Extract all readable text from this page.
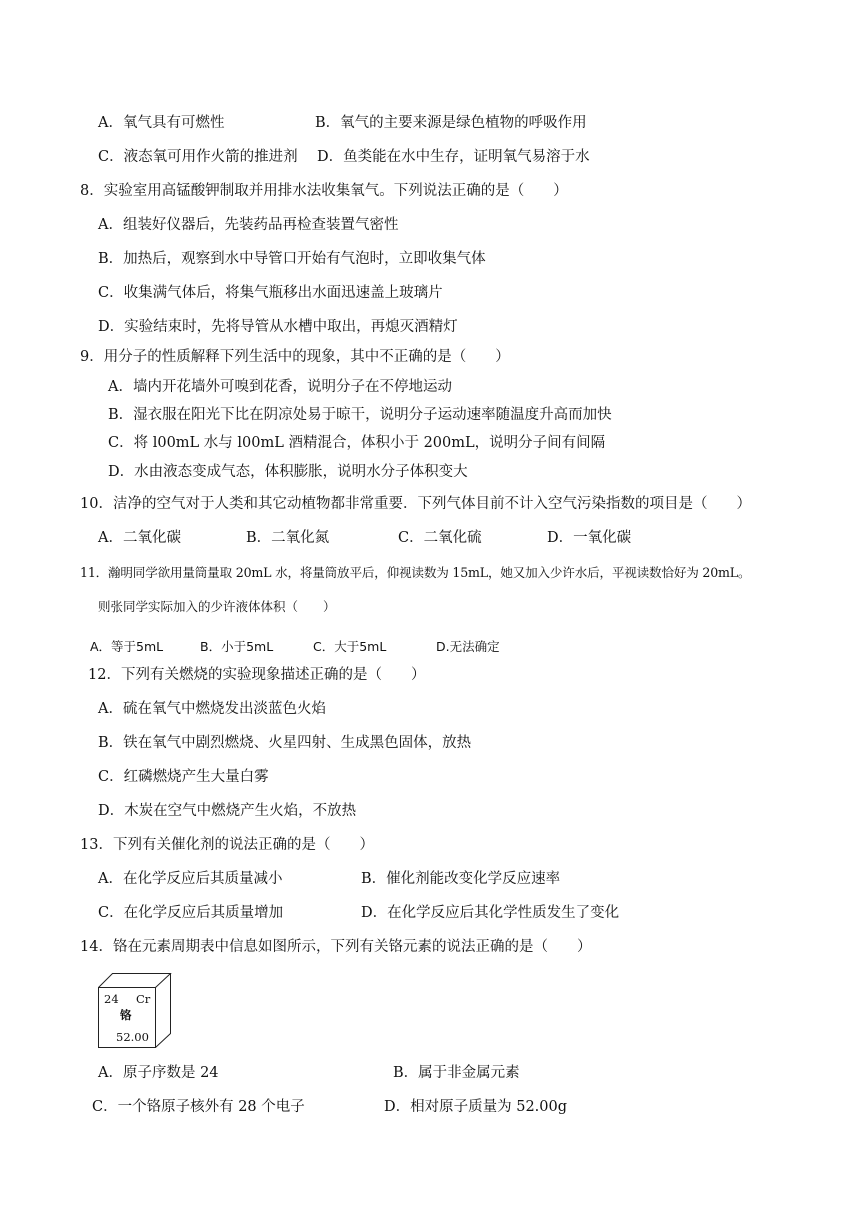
A．氧气具有可燃性	B．氧气的主要来源是绿色植物的呼吸作用
C．液态氧可用作火箭的推进剂 D．鱼类能在水中生存，证明氧气易溶于水
8．实验室用高锰酸钾制取并用排水法收集氧气。下列说法正确的是（　　）
A．组装好仪器后，先装药品再检查装置气密性
B．加热后，观察到水中导管口开始有气泡时，立即收集气体
C．收集满气体后，将集气瓶移出水面迅速盖上玻璃片
D．实验结束时，先将导管从水槽中取出，再熄灭酒精灯
9．用分子的性质解释下列生活中的现象，其中不正确的是（　　）
A．墙内开花墙外可嗅到花香，说明分子在不停地运动
B．湿衣服在阳光下比在阴凉处易于晾干，说明分子运动速率随温度升高而加快
C．将 l00mL 水与 l00mL 酒精混合，体积小于 200mL，说明分子间有间隔
D．水由液态变成气态，体积膨胀，说明水分子体积变大
10．洁净的空气对于人类和其它动植物都非常重要．下列气体目前不计入空气污染指数的项目是（　　）
A．二氧化碳	B．二氧化氮	C．二氧化硫	D．一氧化碳
11．瀚明同学欲用量筒量取 20mL 水，将量筒放平后，仰视读数为 15mL，她又加入少许水后，平视读数恰好为 20mL。
则张同学实际加入的少许液体体积（　　）
A．等于5mL	B．小于5mL	C．大于5mL	D.无法确定
12．下列有关燃烧的实验现象描述正确的是（　　）
A．硫在氧气中燃烧发出淡蓝色火焰
B．铁在氧气中剧烈燃烧、火星四射、生成黑色固体，放热
C．红磷燃烧产生大量白雾
D．木炭在空气中燃烧产生火焰，不放热
13．下列有关催化剂的说法正确的是（　　）
A．在化学反应后其质量减小	B．催化剂能改变化学反应速率
C．在化学反应后其质量增加	D．在化学反应后其化学性质发生了变化
14．铬在元素周期表中信息如图所示，下列有关铬元素的说法正确的是（　　）
24 Cr
铬
52.00
A．原子序数是 24	B．属于非金属元素
C．一个铬原子核外有 28 个电子	D．相对原子质量为 52.00g
